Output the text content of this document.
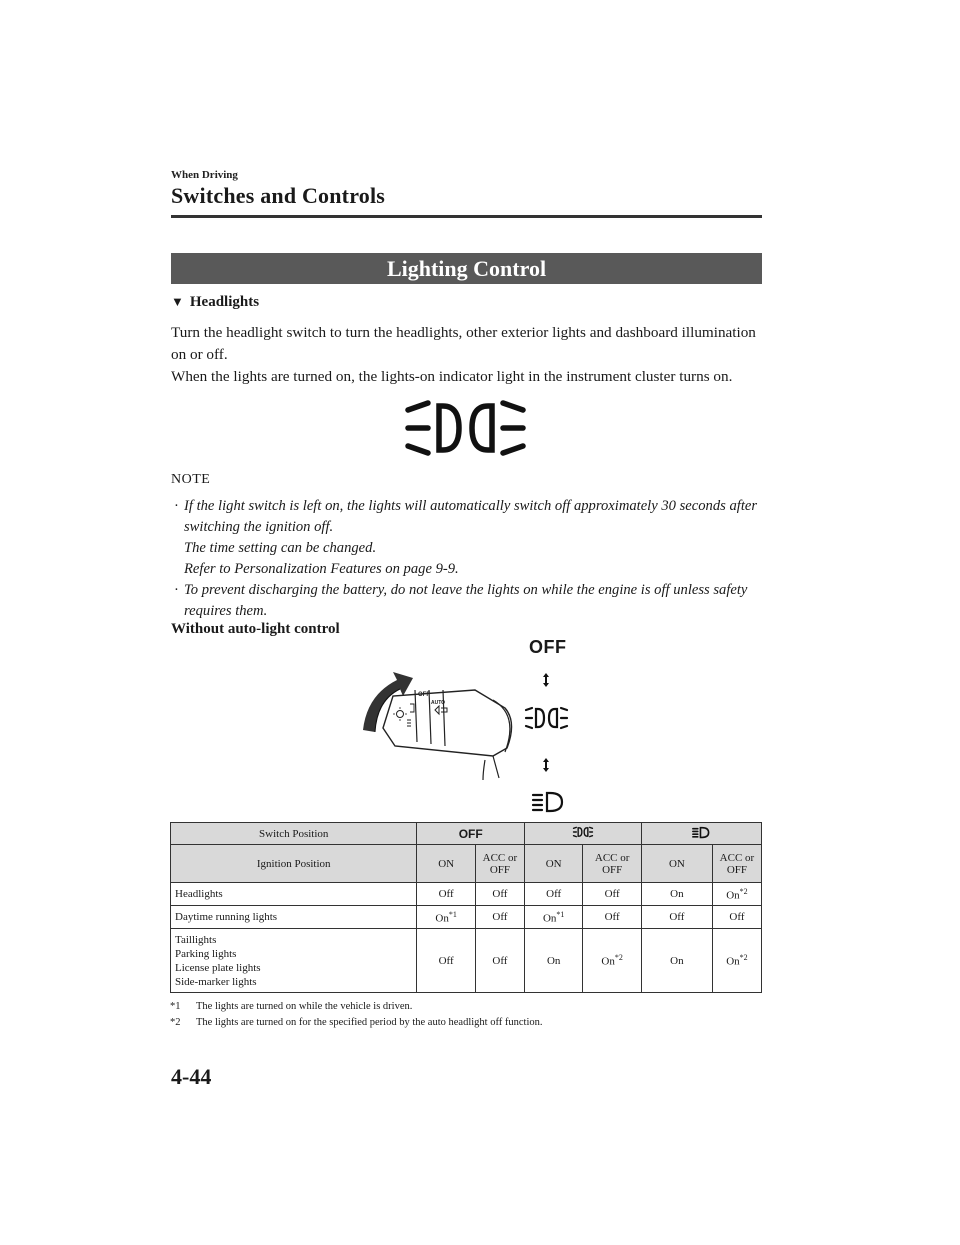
When Driving
Switches and Controls
Lighting Control
▼ Headlights

Turn the headlight switch to turn the headlights, other exterior lights and dashboard illumination on or off.

When the lights are turned on, the lights-on indicator light in the instrument cluster turns on.

NOTE
· If the light switch is left on, the lights will automatically switch off approximately 30 seconds after switching the ignition off.
The time setting can be changed.
Refer to Personalization Features on page 9-9.
· To prevent discharging the battery, do not leave the lights on while the engine is off unless safety requires them.
Without auto-light control
OFF
OFF
AUTO
Switch Position	OFF		
Ignition Position	ON	ACC or OFF	ON	ACC or OFF	ON	ACC or OFF
Headlights	Off	Off	Off	Off	On	On$^{*2}$
Daytime running lights	On$^{*1}$	Off	On$^{*1}$	Off	Off	Off

Taillights
Parking lights
License plate lights
Side-marker lights	Off	Off	On	On$^{*2}$	On	On$^{*2}$
*1 The lights are turned on while the vehicle is driven.
*2 The lights are turned on for the specified period by the auto headlight off function.
4-44
